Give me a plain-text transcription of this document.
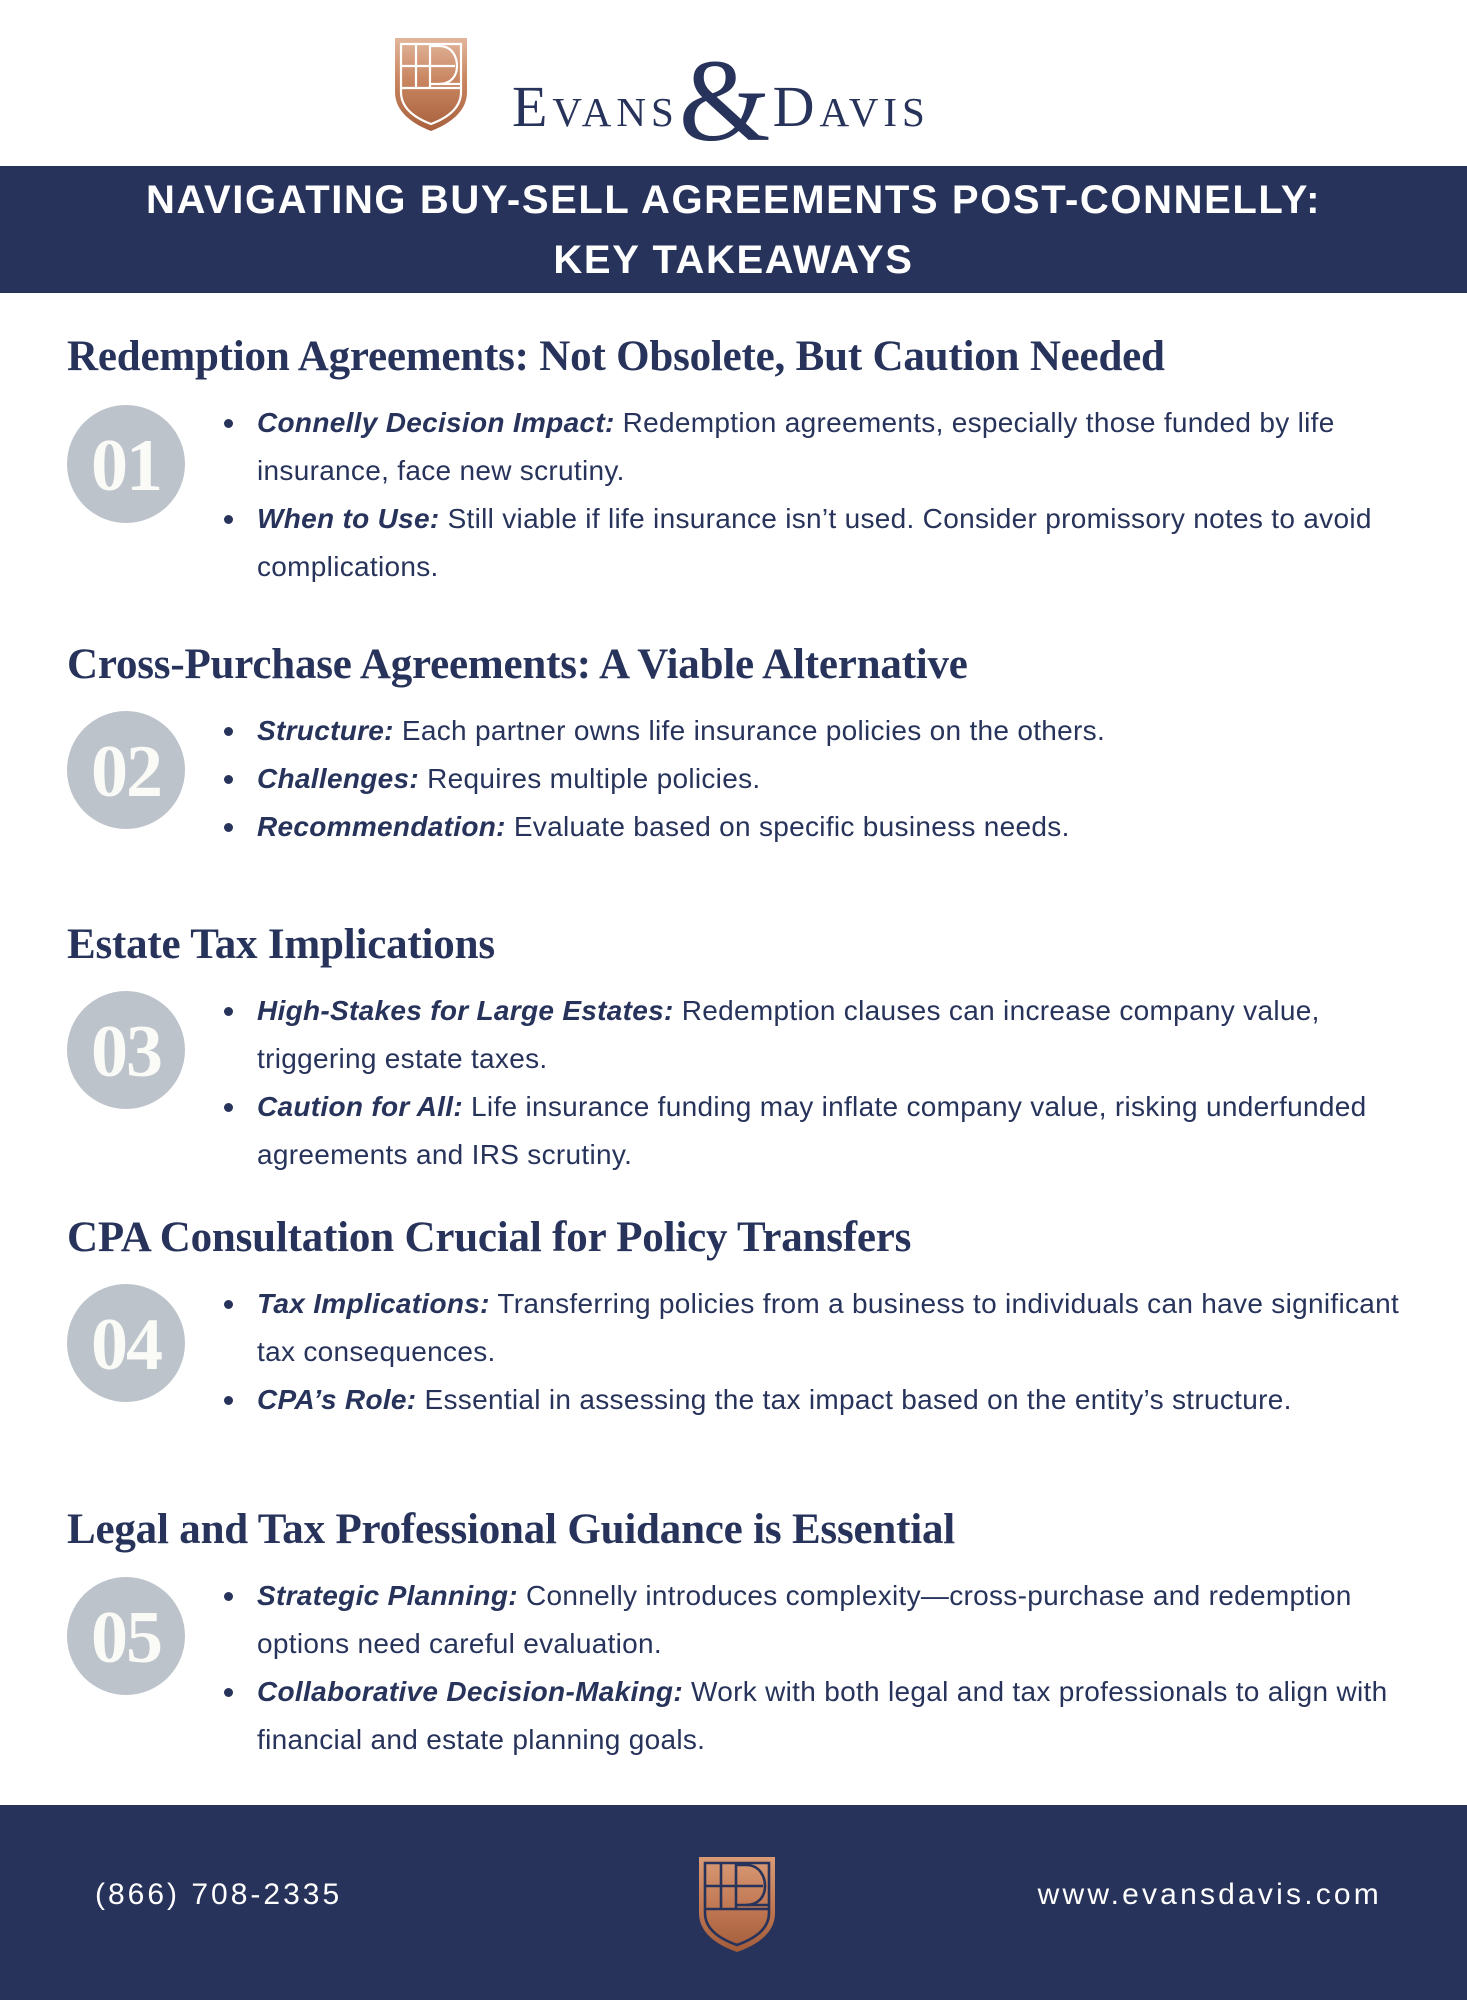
Evans & Davis
NAVIGATING BUY-SELL AGREEMENTS POST-CONNELLY:
KEY TAKEAWAYS
Redemption Agreements: Not Obsolete, But Caution Needed
01
Connelly Decision Impact: Redemption agreements, especially those funded by life insurance, face new scrutiny.
When to Use: Still viable if life insurance isn’t used. Consider promissory notes to avoid complications.
Cross-Purchase Agreements: A Viable Alternative
02
Structure: Each partner owns life insurance policies on the others.
Challenges: Requires multiple policies.
Recommendation: Evaluate based on specific business needs.
Estate Tax Implications
03
High-Stakes for Large Estates: Redemption clauses can increase company value, triggering estate taxes.
Caution for All: Life insurance funding may inflate company value, risking underfunded agreements and IRS scrutiny.
CPA Consultation Crucial for Policy Transfers
04
Tax Implications: Transferring policies from a business to individuals can have significant tax consequences.
CPA’s Role: Essential in assessing the tax impact based on the entity’s structure.
Legal and Tax Professional Guidance is Essential
05
Strategic Planning: Connelly introduces complexity—cross-purchase and redemption options need careful evaluation.
Collaborative Decision-Making: Work with both legal and tax professionals to align with financial and estate planning goals.
(866) 708-2335	www.evansdavis.com
